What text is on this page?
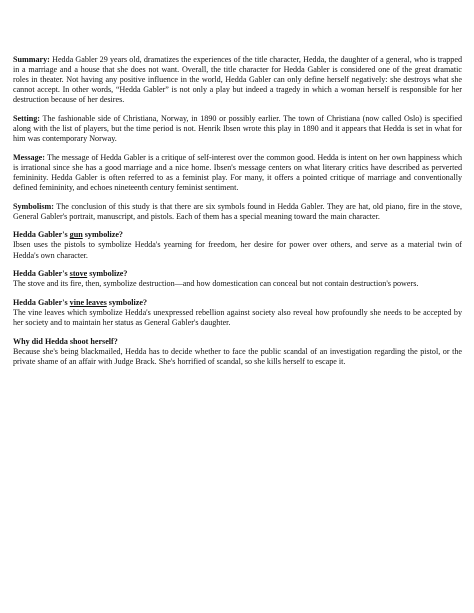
Summary: Hedda Gabler 29 years old, dramatizes the experiences of the title character, Hedda, the daughter of a general, who is trapped in a marriage and a house that she does not want. Overall, the title character for Hedda Gabler is considered one of the great dramatic roles in theater. Not having any positive influence in the world, Hedda Gabler can only define herself negatively: she destroys what she cannot accept. In other words, “Hedda Gabler” is not only a play but indeed a tragedy in which a woman herself is responsible for her destruction because of her desires.

Setting: The fashionable side of Christiana, Norway, in 1890 or possibly earlier. The town of Christiana (now called Oslo) is specified along with the list of players, but the time period is not. Henrik Ibsen wrote this play in 1890 and it appears that Hedda is set in what for him was contemporary Norway.

Message: The message of Hedda Gabler is a critique of self-interest over the common good. Hedda is intent on her own happiness which is irrational since she has a good marriage and a nice home. Ibsen's message centers on what literary critics have described as perverted femininity. Hedda Gabler is often referred to as a feminist play. For many, it offers a pointed critique of marriage and conventionally defined femininity, and echoes nineteenth century feminist sentiment.

Symbolism: The conclusion of this study is that there are six symbols found in Hedda Gabler. They are hat, old piano, fire in the stove, General Gabler's portrait, manuscript, and pistols. Each of them has a special meaning toward the main character.

Hedda Gabler's gun symbolize?

Ibsen uses the pistols to symbolize Hedda's yearning for freedom, her desire for power over others, and serve as a material twin of Hedda's own character.

Hedda Gabler's stove symbolize?

The stove and its fire, then, symbolize destruction—and how domestication can conceal but not contain destruction's powers.

Hedda Gabler's vine leaves symbolize?

The vine leaves which symbolize Hedda's unexpressed rebellion against society also reveal how profoundly she needs to be accepted by her society and to maintain her status as General Gabler's daughter.

Why did Hedda shoot herself?

Because she's being blackmailed, Hedda has to decide whether to face the public scandal of an investigation regarding the pistol, or the private shame of an affair with Judge Brack. She's horrified of scandal, so she kills herself to escape it.
